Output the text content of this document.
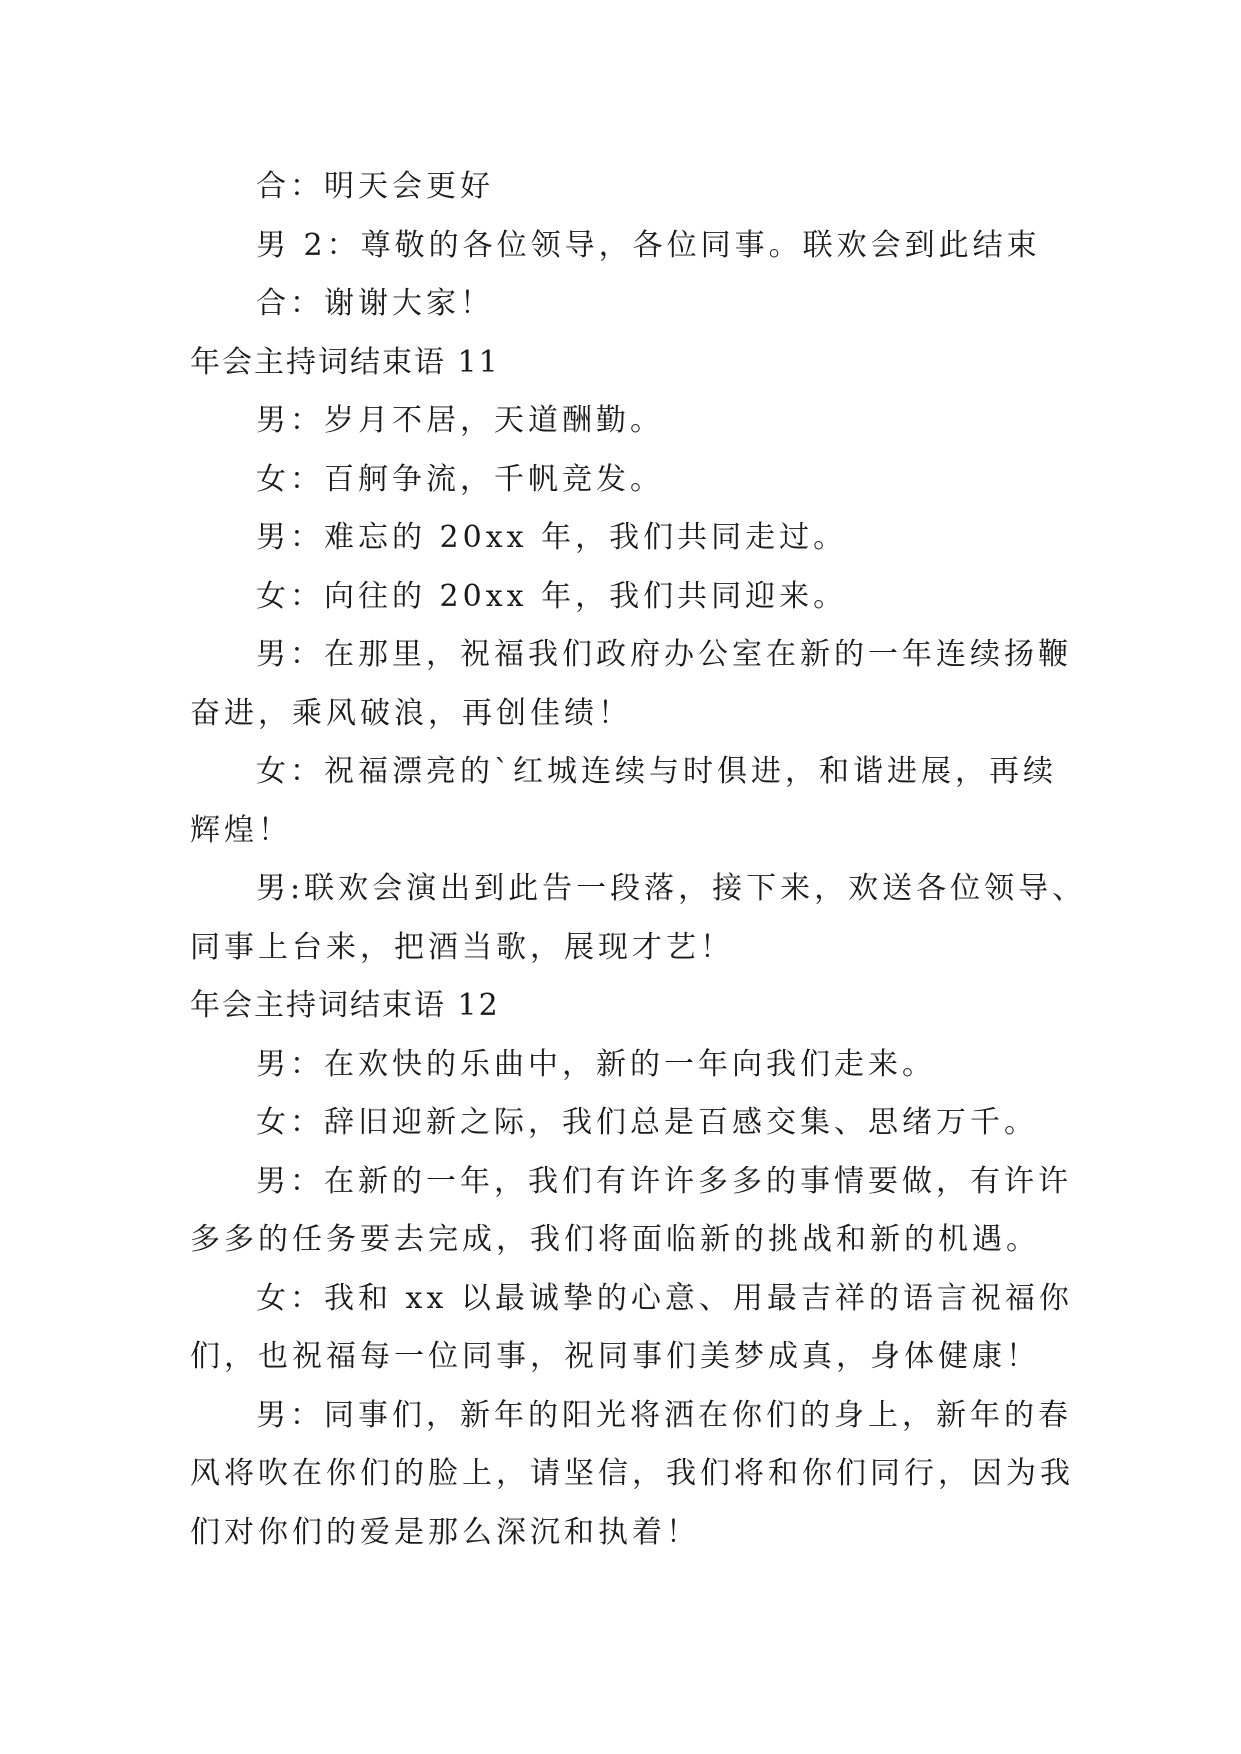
合：明天会更好
男 2：尊敬的各位领导，各位同事。联欢会到此结束
合：谢谢大家！
年会主持词结束语 11
男：岁月不居，天道酬勤。
女：百舸争流，千帆竞发。
男：难忘的 20xx 年，我们共同走过。
女：向往的 20xx 年，我们共同迎来。
男：在那里，祝福我们政府办公室在新的一年连续扬鞭
奋进，乘风破浪，再创佳绩！
女：祝福漂亮的`红城连续与时俱进，和谐进展，再续
辉煌！
男:联欢会演出到此告一段落，接下来，欢送各位领导、
同事上台来，把酒当歌，展现才艺！
年会主持词结束语 12
男：在欢快的乐曲中，新的一年向我们走来。
女：辞旧迎新之际，我们总是百感交集、思绪万千。
男：在新的一年，我们有许许多多的事情要做，有许许
多多的任务要去完成，我们将面临新的挑战和新的机遇。
女：我和 xx 以最诚挚的心意、用最吉祥的语言祝福你
们，也祝福每一位同事，祝同事们美梦成真，身体健康！
男：同事们，新年的阳光将洒在你们的身上，新年的春
风将吹在你们的脸上，请坚信，我们将和你们同行，因为我
们对你们的爱是那么深沉和执着！
